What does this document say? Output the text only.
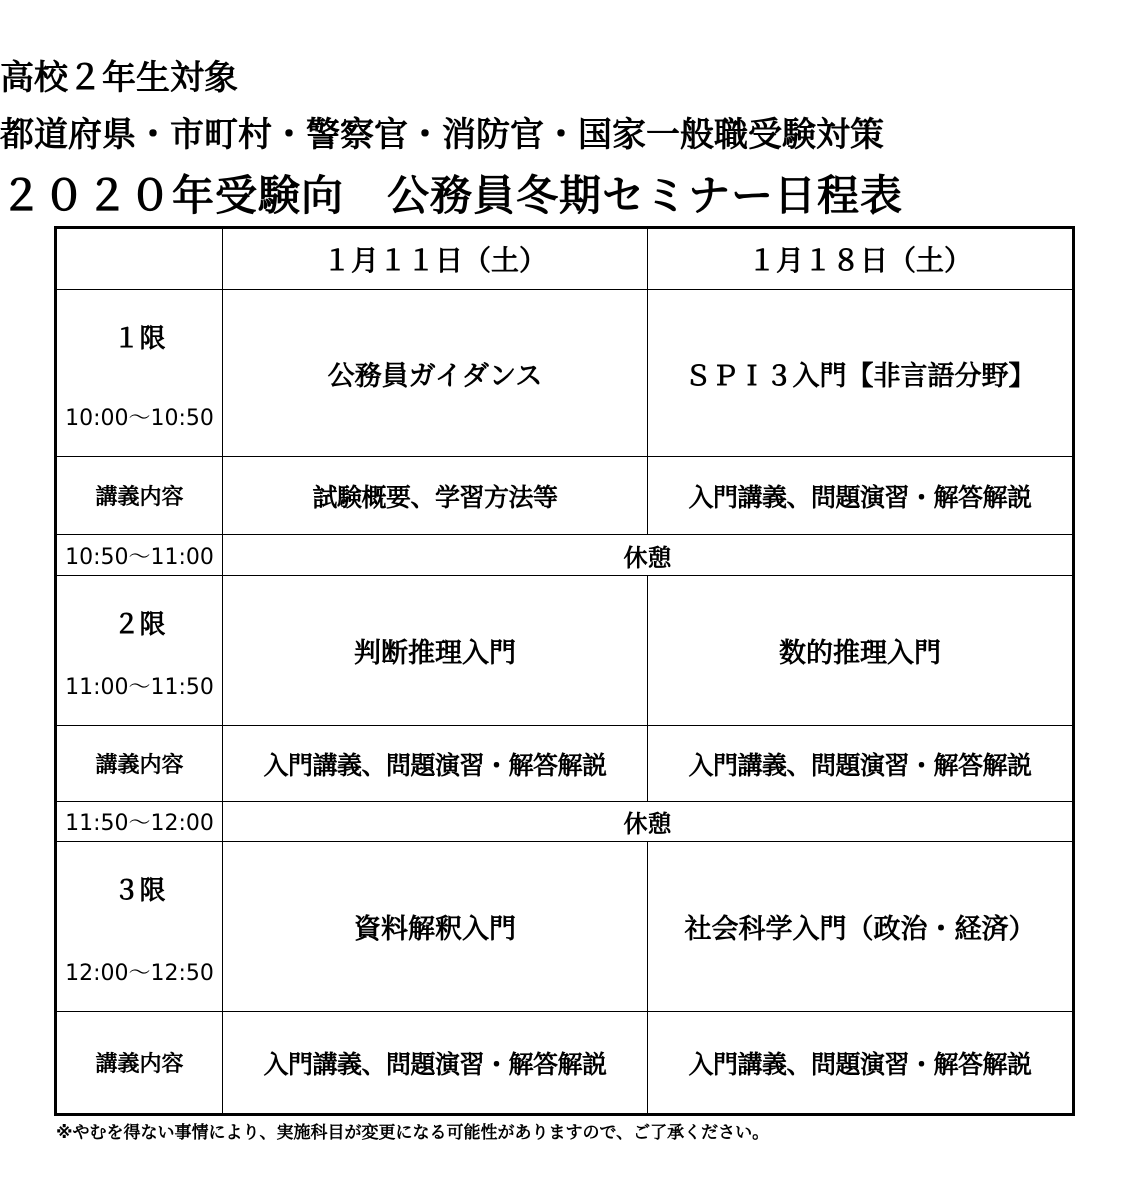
高校２年生対象
都道府県・市町村・警察官・消防官・国家一般職受験対策
２０２０年受験向　公務員冬期セミナー日程表
	１月１１日（土）	１月１８日（土）

１限
10:00～10:50	公務員ガイダンス	ＳＰＩ３入門【非言語分野】
講義内容	試験概要、学習方法等	入門講義、問題演習・解答解説
10:50～11:00	休憩	

２限
11:00～11:50	判断推理入門	数的推理入門
講義内容	入門講義、問題演習・解答解説	入門講義、問題演習・解答解説
11:50～12:00	休憩	

３限
12:00～12:50	資料解釈入門	社会科学入門（政治・経済）
講義内容	入門講義、問題演習・解答解説	入門講義、問題演習・解答解説
※やむを得ない事情により、実施科目が変更になる可能性がありますので、ご了承ください。
